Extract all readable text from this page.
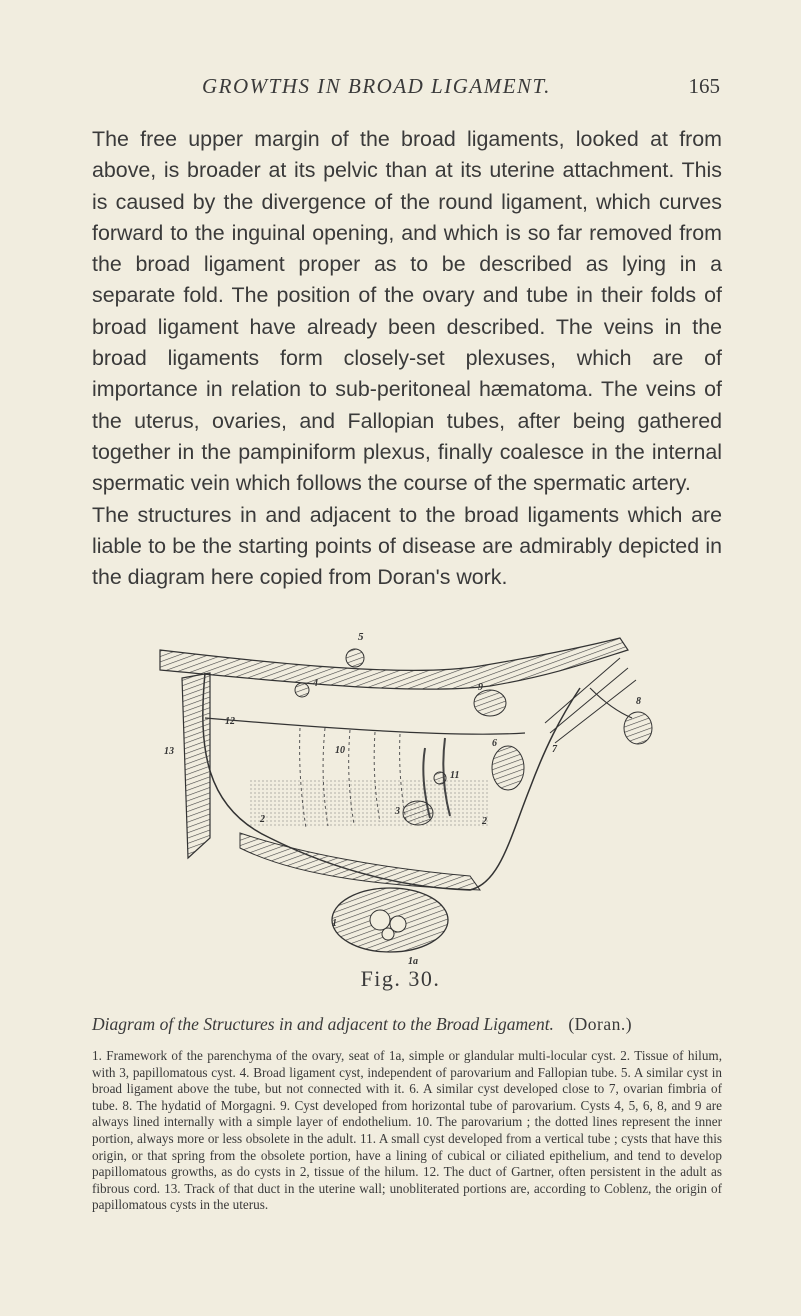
GROWTHS IN BROAD LIGAMENT.	165

The free upper margin of the broad ligaments, looked at from above, is broader at its pelvic than at its uterine attachment. This is caused by the divergence of the round ligament, which curves forward to the inguinal opening, and which is so far removed from the broad ligament proper as to be described as lying in a separate fold. The position of the ovary and tube in their folds of broad ligament have already been described. The veins in the broad ligaments form closely-set plexuses, which are of importance in relation to sub-peritoneal hæmatoma. The veins of the uterus, ovaries, and Fallopian tubes, after being gathered together in the pampiniform plexus, finally coalesce in the internal spermatic vein which follows the course of the spermatic artery.

The structures in and adjacent to the broad ligaments which are liable to be the starting points of disease are admirably depicted in the diagram here copied from Doran's work.

5
4	9
8
12
13	10
11
6
7
2
3
2
1
1a
Fig. 30.
Diagram of the Structures in and adjacent to the Broad Ligament. (Doran.)
1. Framework of the parenchyma of the ovary, seat of 1a, simple or glandular multi-locular cyst. 2. Tissue of hilum, with 3, papillomatous cyst. 4. Broad ligament cyst, independent of parovarium and Fallopian tube. 5. A similar cyst in broad ligament above the tube, but not connected with it. 6. A similar cyst developed close to 7, ovarian fimbria of tube. 8. The hydatid of Morgagni. 9. Cyst developed from horizontal tube of parovarium. Cysts 4, 5, 6, 8, and 9 are always lined internally with a simple layer of endothelium. 10. The parovarium ; the dotted lines represent the inner portion, always more or less obsolete in the adult. 11. A small cyst developed from a vertical tube ; cysts that have this origin, or that spring from the obsolete portion, have a lining of cubical or ciliated epithelium, and tend to develop papillomatous growths, as do cysts in 2, tissue of the hilum. 12. The duct of Gartner, often persistent in the adult as fibrous cord. 13. Track of that duct in the uterine wall; unobliterated portions are, according to Coblenz, the origin of papillomatous cysts in the uterus.
